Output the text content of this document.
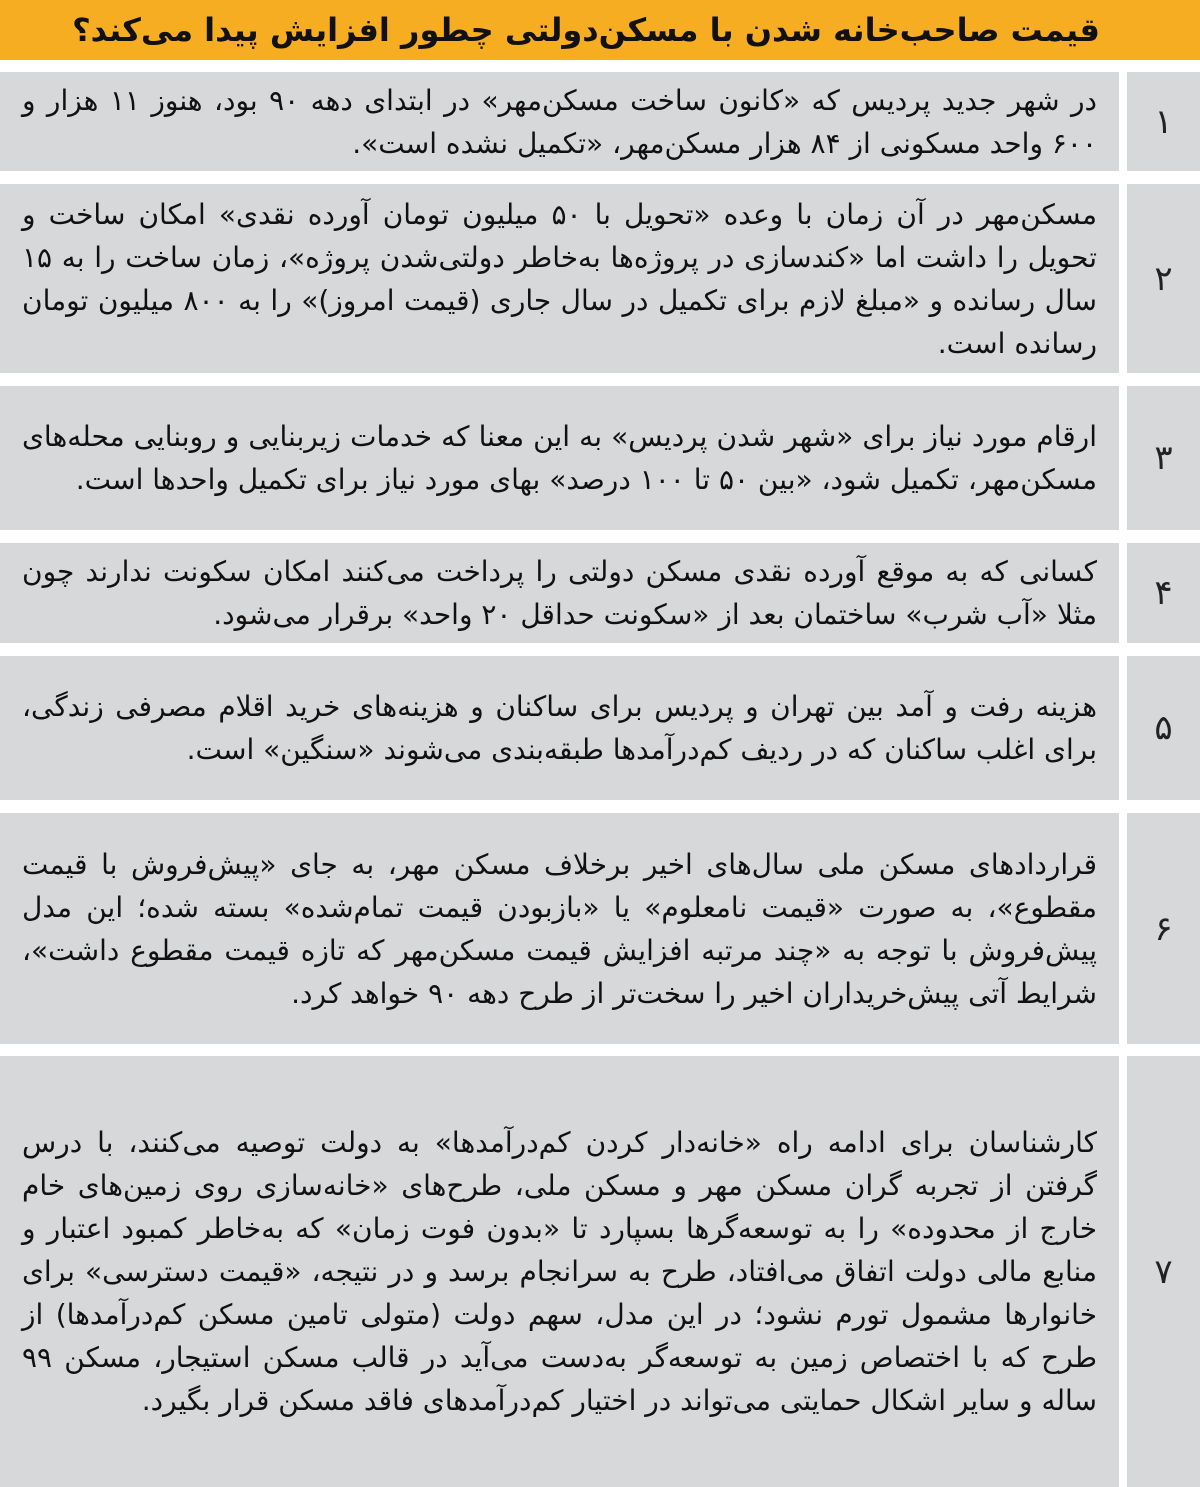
قیمت صاحب‌خانه شدن با مسکن‌دولتی چطور افزایش پیدا می‌کند؟
در شهر جدید پردیس که «کانون ساخت مسکن‌مهر» در ابتدای دهه ۹۰ بود، هنوز ۱۱ هزار و ۶۰۰ واحد مسکونی از ۸۴ هزار مسکن‌مهر، «تکمیل نشده است».
۱
مسکن‌مهر در آن زمان با وعده «تحویل با ۵۰ میلیون تومان آورده نقدی» امکان ساخت و تحویل را داشت اما «کندسازی در پروژه‌ها به‌خاطر دولتی‌شدن پروژه»، زمان ساخت را به ۱۵ سال رسانده و «مبلغ لازم برای تکمیل در سال جاری (قیمت امروز)» را به ۸۰۰ میلیون تومان رسانده است.
۲
ارقام مورد نیاز برای «شهر شدن پردیس» به این معنا که خدمات زیربنایی و روبنایی محله‌های مسکن‌مهر، تکمیل شود، «بین ۵۰ تا ۱۰۰ درصد» بهای مورد نیاز برای تکمیل واحدها است.
۳
کسانی که به موقع آورده نقدی مسکن دولتی را پرداخت می‌کنند امکان سکونت ندارند چون مثلا «آب شرب» ساختمان بعد از «سکونت حداقل ۲۰ واحد» برقرار می‌شود.
۴
هزینه رفت و آمد بین تهران و پردیس برای ساکنان و هزینه‌های خرید اقلام مصرفی زندگی، برای اغلب ساکنان که در ردیف کم‌درآمدها طبقه‌بندی می‌شوند «سنگین» است.
۵
قراردادهای مسکن ملی سال‌های اخیر برخلاف مسکن مهر، به جای «پیش‌فروش با قیمت مقطوع»، به صورت «قیمت نامعلوم» یا «بازبودن قیمت تمام‌شده» بسته شده؛ این مدل پیش‌فروش با توجه به «چند مرتبه افزایش قیمت مسکن‌مهر که تازه قیمت مقطوع داشت»، شرایط آتی پیش‌خریداران اخیر را سخت‌تر از طرح دهه ۹۰ خواهد کرد.
۶
کارشناسان برای ادامه راه «خانه‌دار کردن کم‌درآمدها» به دولت توصیه می‌کنند، با درس گرفتن از تجربه گران مسکن مهر و مسکن ملی، طرح‌های «خانه‌سازی روی زمین‌های خام خارج از محدوده» را به توسعه‌گرها بسپارد تا «بدون فوت زمان» که به‌خاطر کمبود اعتبار و منابع مالی دولت اتفاق می‌افتاد، طرح به سرانجام برسد و در نتیجه، «قیمت دسترسی» برای خانوارها مشمول تورم نشود؛ در این مدل، سهم دولت (متولی تامین مسکن کم‌درآمدها) از طرح که با اختصاص زمین به توسعه‌گر به‌دست می‌آید در قالب مسکن استیجار، مسکن ۹۹ ساله و سایر اشکال حمایتی می‌تواند در اختیار کم‌درآمدهای فاقد مسکن قرار بگیرد.
۷
